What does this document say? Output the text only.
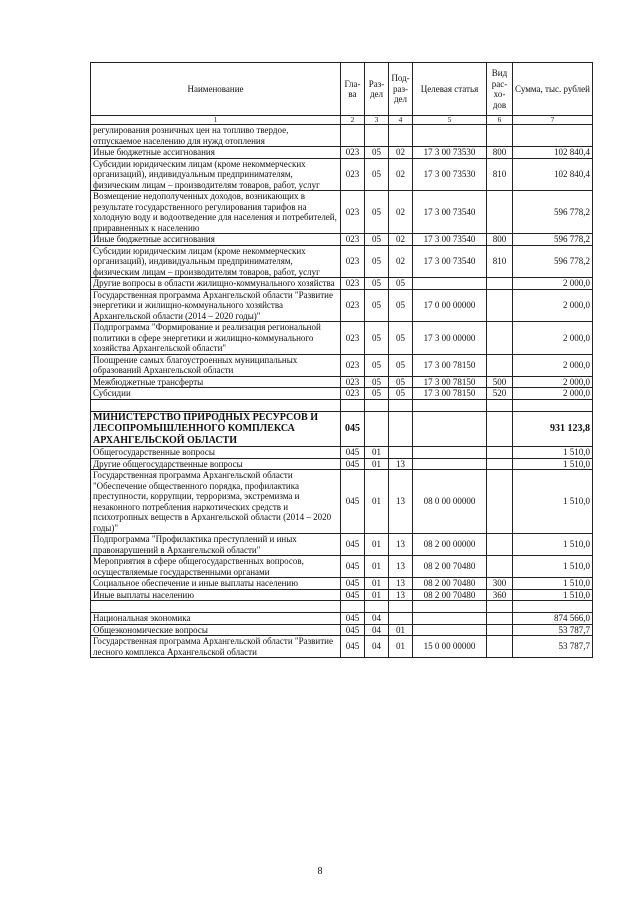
Наименование	Гла-ва	Раз-дел	Под-раз-дел	Целевая статья	Вид рас-хо-дов	Сумма, тыс. рублей
1	2	3	4	5	6	7
регулирования розничных цен на топливо твердое, отпускаемое населению для нужд отопления						
Иные бюджетные ассигнования	023	05	02	17 3 00 73530	800	102 840,4
Субсидии юридическим лицам (кроме некоммерческих организаций), индивидуальным предпринимателям, физическим лицам – производителям товаров, работ, услуг	023	05	02	17 3 00 73530	810	102 840,4
Возмещение недополученных доходов, возникающих в результате государственного регулирования тарифов на холодную воду и водоотведение для населения и потребителей, приравненных к населению	023	05	02	17 3 00 73540		596 778,2
Иные бюджетные ассигнования	023	05	02	17 3 00 73540	800	596 778,2
Субсидии юридическим лицам (кроме некоммерческих организаций), индивидуальным предпринимателям, физическим лицам – производителям товаров, работ, услуг	023	05	02	17 3 00 73540	810	596 778,2
Другие вопросы в области жилищно-коммунального хозяйства	023	05	05			2 000,0
Государственная программа Архангельской области "Развитие энергетики и жилищно-коммунального хозяйства Архангельской области (2014 – 2020 годы)"	023	05	05	17 0 00 00000		2 000,0
Подпрограмма "Формирование и реализация региональной политики в сфере энергетики и жилищно-коммунального хозяйства Архангельской области"	023	05	05	17 3 00 00000		2 000,0
Поощрение самых благоустроенных муниципальных образований Архангельской области	023	05	05	17 3 00 78150		2 000,0
Межбюджетные трансферты	023	05	05	17 3 00 78150	500	2 000,0
Субсидии	023	05	05	17 3 00 78150	520	2 000,0

МИНИСТЕРСТВО ПРИРОДНЫХ РЕСУРСОВ И ЛЕСОПРОМЫШЛЕННОГО КОМПЛЕКСА АРХАНГЕЛЬСКОЙ ОБЛАСТИ	045					931 123,8
Общегосударственные вопросы	045	01				1 510,0
Другие общегосударственные вопросы	045	01	13			1 510,0
Государственная программа Архангельской области "Обеспечение общественного порядка, профилактика преступности, коррупции, терроризма, экстремизма и незаконного потребления наркотических средств и психотропных веществ в Архангельской области (2014 – 2020 годы)"	045	01	13	08 0 00 00000		1 510,0
Подпрограмма "Профилактика преступлений и иных правонарушений в Архангельской области"	045	01	13	08 2 00 00000		1 510,0
Мероприятия в сфере общегосударственных вопросов, осуществляемые государственными органами	045	01	13	08 2 00 70480		1 510,0
Социальное обеспечение и иные выплаты населению	045	01	13	08 2 00 70480	300	1 510,0
Иные выплаты населению	045	01	13	08 2 00 70480	360	1 510,0

Национальная экономика	045	04				874 566,0
Общеэкономические вопросы	045	04	01			53 787,7
Государственная программа Архангельской области "Развитие лесного комплекса Архангельской области	045	04	01	15 0 00 00000		53 787,7
8
